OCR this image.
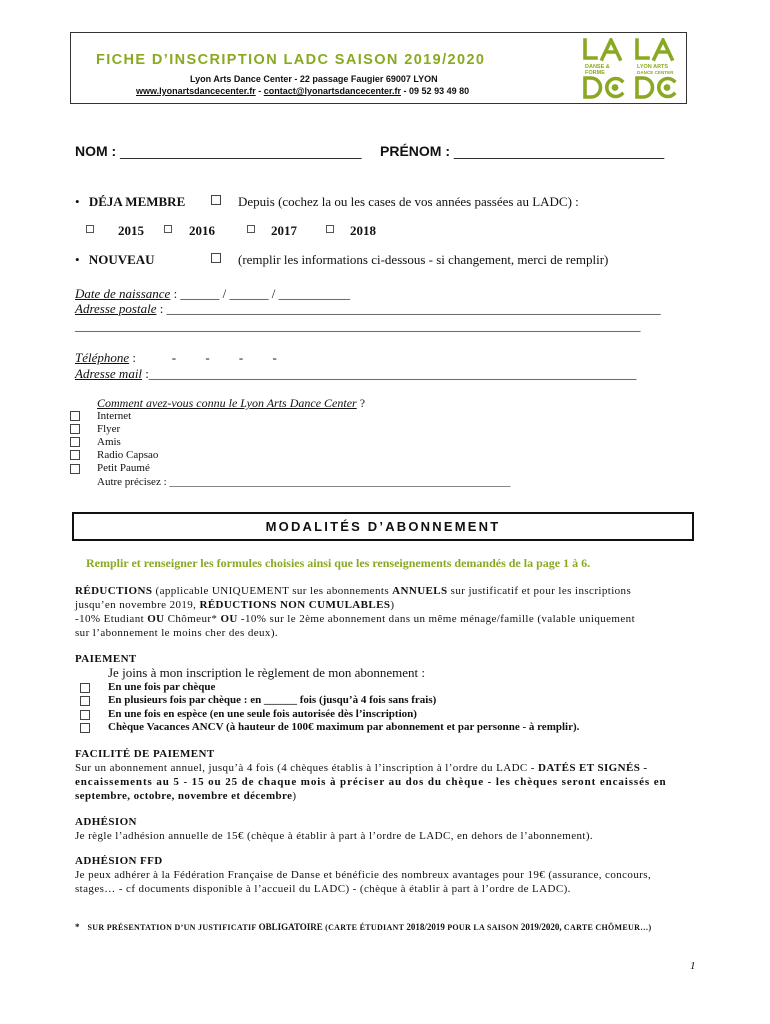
FICHE D’INSCRIPTION LADC SAISON 2019/2020
Lyon Arts Dance Center - 22 passage Faugier 69007 LYON
www.lyonartsdancecenter.fr - contact@lyonartsdancecenter.fr - 09 52 93 49 80
DANSE &
FORME
LYON ARTS
DANCE CENTER
NOM : _______________________________ PRÉNOM : ___________________________
• DÉJA MEMBRE	Depuis (cochez la ou les cases de vos années passées au LADC) :
2015	2016	2017	2018
• NOUVEAU	(remplir les informations ci-dessous - si changement, merci de remplir)
Date de naissance : ______ / ______ / ___________
Adresse postale : ____________________________________________________________________________
_______________________________________________________________________________________
Téléphone :           -         -         -         -
Adresse mail :___________________________________________________________________________
Comment avez-vous connu le Lyon Arts Dance Center ?
Internet
Flyer
Amis
Radio Capsao
Petit Paumé
Autre précisez : ______________________________________________________________
MODALITÉS D’ABONNEMENT
Remplir et renseigner les formules choisies ainsi que les renseignements demandés de la page 1 à 6.
RÉDUCTIONS (applicable UNIQUEMENT sur les abonnements ANNUELS sur justificatif et pour les inscriptions
jusqu’en novembre 2019, RÉDUCTIONS NON CUMULABLES)
-10% Etudiant OU Chômeur* OU -10% sur le 2ème abonnement dans un même ménage/famille (valable uniquement
sur l’abonnement le moins cher des deux).
PAIEMENT
Je joins à mon inscription le règlement de mon abonnement :
En une fois par chèque
En plusieurs fois par chèque : en ______ fois (jusqu’à 4 fois sans frais)
En une fois en espèce (en une seule fois autorisée dès l’inscription)
Chèque Vacances ANCV (à hauteur de 100€ maximum par abonnement et par personne - à remplir).
FACILITÉ DE PAIEMENT
Sur un abonnement annuel, jusqu’à 4 fois (4 chèques établis à l’inscription à l’ordre du LADC - DATÉS ET SIGNÉS -
encaissements au 5 - 15 ou 25 de chaque mois à préciser au dos du chèque - les chèques seront encaissés en
septembre, octobre, novembre et décembre)
ADHÉSION
Je règle l’adhésion annuelle de 15€ (chèque à établir à part à l’ordre de LADC, en dehors de l’abonnement).
ADHÉSION FFD
Je peux adhérer à la Fédération Française de Danse et bénéficie des nombreux avantages pour 19€ (assurance, concours,
stages… - cf documents disponible à l’accueil du LADC) - (chèque à établir à part à l’ordre de LADC).
* SUR PRÉSENTATION D’UN JUSTIFICATIF OBLIGATOIRE (CARTE ÉTUDIANT 2018/2019 POUR LA SAISON 2019/2020, CARTE CHÔMEUR…)
1
